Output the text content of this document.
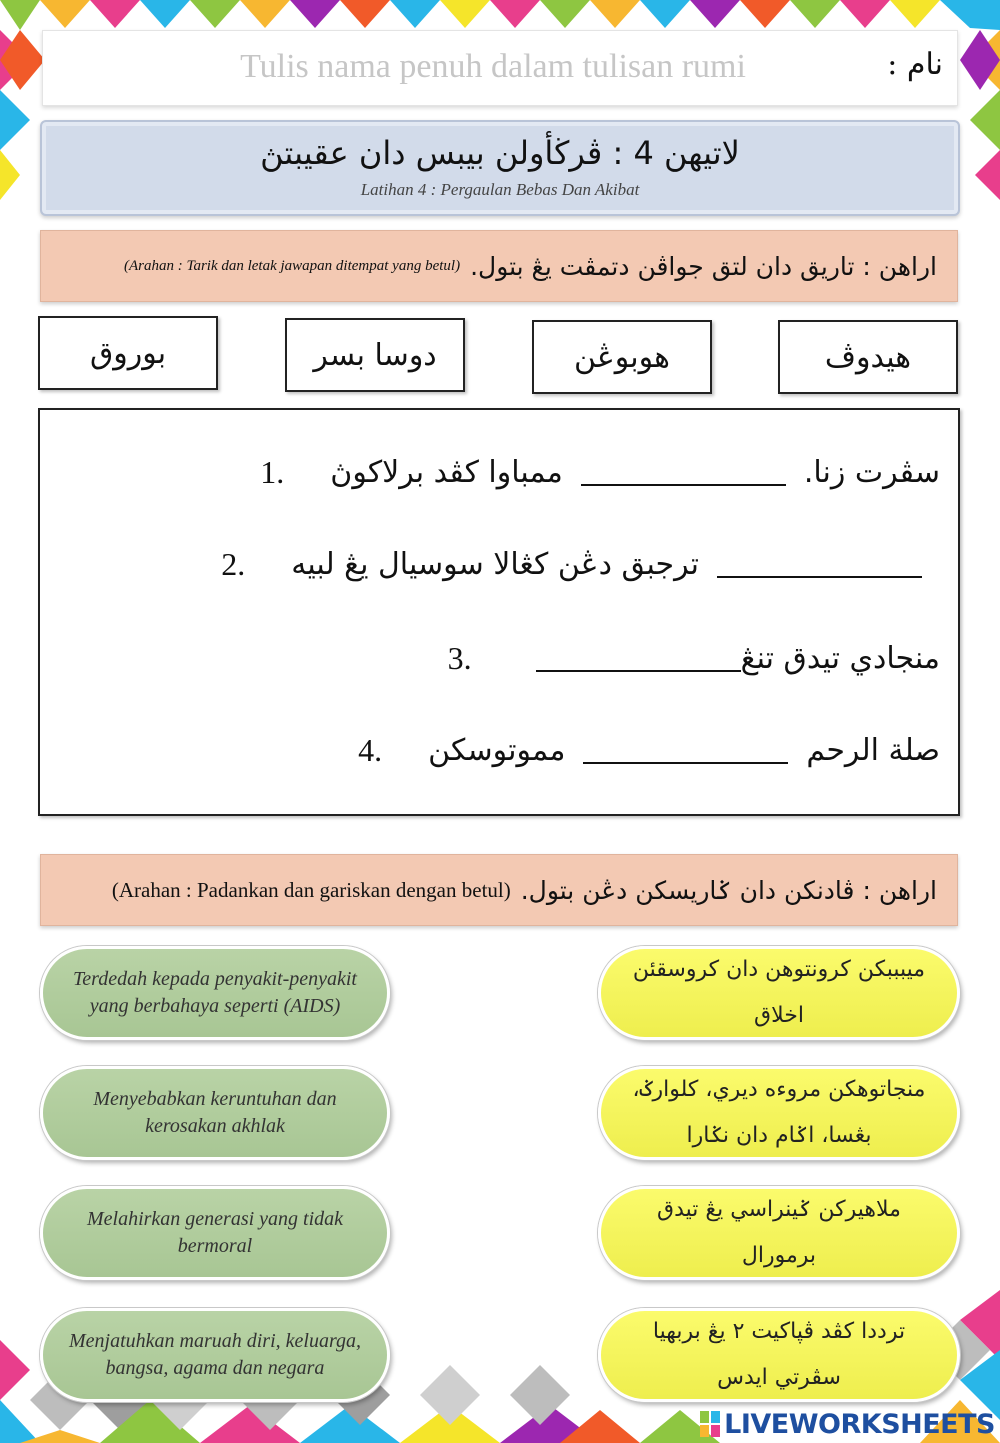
Tulis nama penuh dalam tulisan rumi
نام :
لاتيهن 4 : ڤرڬأولن بيبس دان عقيبتڽ
Latihan 4 : Pergaulan Bebas Dan Akibat
(Arahan : Tarik dan letak jawapan ditempat yang betul) اراهن : تاريق دان لتق جواڤن دتمڤت يڠ بتول.
هيدوڤ
هوبوڠن
دوسا بسر
بوروق
1.	ممباوا كڤد برلاكوڽ	سڤرت زنا.
2.	ترجبق دڠن كڠالا سوسيال يڠ لبيه
3.	منجادي تيدق تنڠ
4.	مموتوسكن	صلة الرحم
(Arahan : Padankan dan gariskan dengan betul) اراهن : ڤادنكن دان ݢاريسكن دڠن بتول.
Terdedah kepada penyakit-penyakit yang berbahaya seperti (AIDS)
Menyebabkan keruntuhan dan kerosakan akhlak
Melahirkan generasi yang tidak bermoral
Menjatuhkan maruah diri, keluarga, bangsa, agama dan negara
ميبببكن كرونتوهن دان كروسقئن اخلاق
منجاتوهكن مروءه ديري، كلوارݢ، بڠسا، اݢام دان نݢارا
ملاهيركن ݢينراسي يڠ تيدق برمورال
ترددا كڤد ڤڽاكيت ٢ يڠ بربهيا سڤرتي ايدس
LIVEWORKSHEETS
